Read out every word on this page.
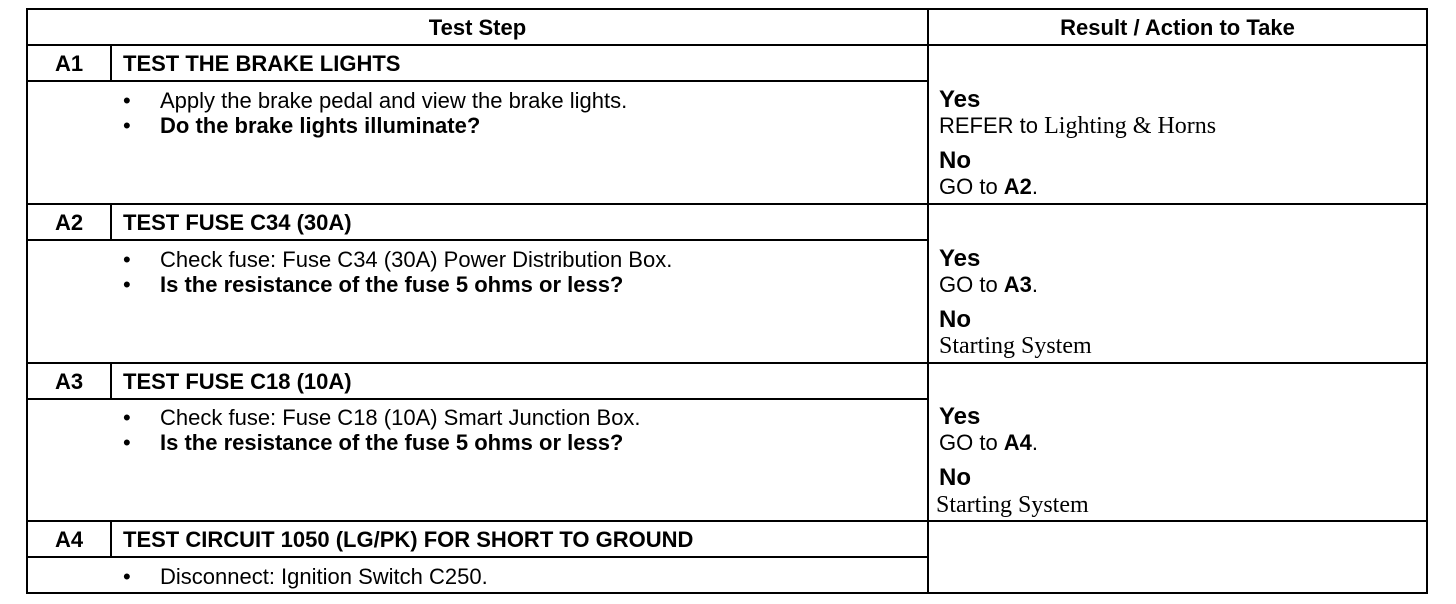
Test Step	Result / Action to Take
A1	TEST THE BRAKE LIGHTS
• Apply the brake pedal and view the brake lights.
• Do the brake lights illuminate?
Yes
REFER to Lighting & Horns
No
GO to A2.
A2	TEST FUSE C34 (30A)
• Check fuse: Fuse C34 (30A) Power Distribution Box.
• Is the resistance of the fuse 5 ohms or less?
Yes
GO to A3.
No
Starting System
A3	TEST FUSE C18 (10A)
• Check fuse: Fuse C18 (10A) Smart Junction Box.
• Is the resistance of the fuse 5 ohms or less?
Yes
GO to A4.
No
Starting System
A4	TEST CIRCUIT 1050 (LG/PK) FOR SHORT TO GROUND
• Disconnect: Ignition Switch C250.
